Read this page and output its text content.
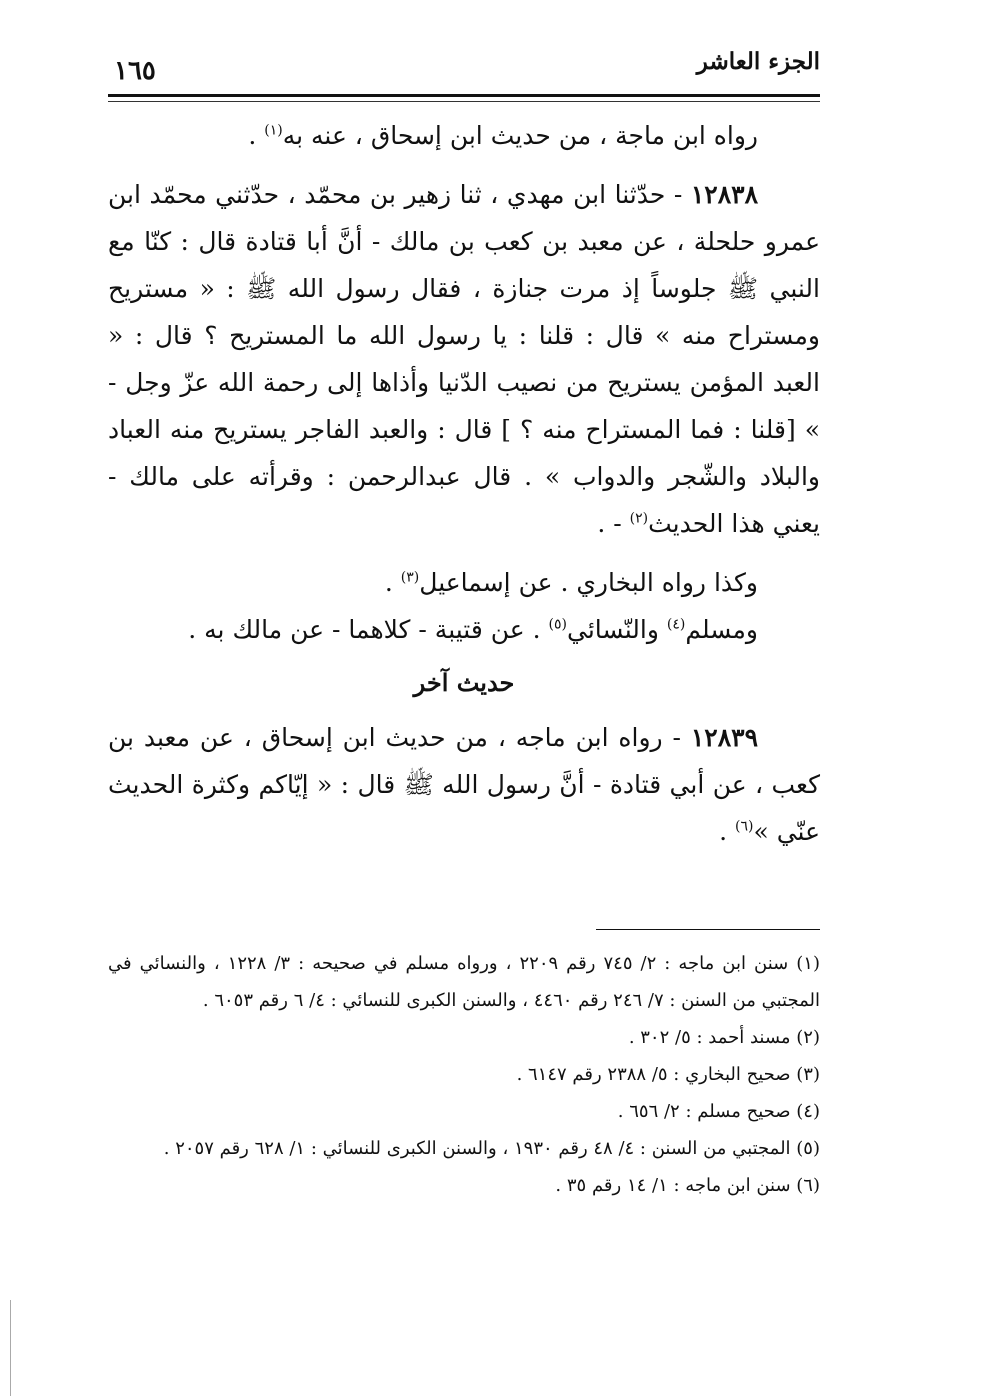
الجزء العاشر
١٦٥

رواه ابن ماجة ، من حديث ابن إسحاق ، عنه به$^{(١)}$ .

١٢٨٣٨ - حدّثنا ابن مهدي ، ثنا زهير بن محمّد ، حدّثني محمّد ابن عمرو حلحلة ، عن معبد بن كعب بن مالك - أنَّ أبا قتادة قال : كنّا مع النبي ﷺ جلوساً إذ مرت جنازة ، فقال رسول الله ﷺ : « مستريح ومستراح منه » قال : قلنا : يا رسول الله ما المستريح ؟ قال : « العبد المؤمن يستريح من نصيب الدّنيا وأذاها إلى رحمة الله عزّ وجل - » [قلنا : فما المستراح منه ؟ ] قال : والعبد الفاجر يستريح منه العباد والبلاد والشّجر والدواب » . قال عبدالرحمن : وقرأته على مالك - يعني هذا الحديث$^{(٢)}$ - .

وكذا رواه البخاري . عن إسماعيل$^{(٣)}$ .

ومسلم$^{(٤)}$ والنّسائي$^{(٥)}$ . عن قتيبة - كلاهما - عن مالك به .

حديث آخر

١٢٨٣٩ - رواه ابن ماجه ، من حديث ابن إسحاق ، عن معبد بن كعب ، عن أبي قتادة - أنَّ رسول الله ﷺ قال : « إيّاكم وكثرة الحديث عنّي »$^{(٦)}$ .

(١) سنن ابن ماجه : ٢/ ٧٤٥ رقم ٢٢٠٩ ، ورواه مسلم في صحيحه : ٣/ ١٢٢٨ ، والنسائي في المجتبي من السنن : ٧/ ٢٤٦ رقم ٤٤٦٠ ، والسنن الكبرى للنسائي : ٤/ ٦ رقم ٦٠٥٣ .

(٢) مسند أحمد : ٥/ ٣٠٢ .

(٣) صحيح البخاري : ٥/ ٢٣٨٨ رقم ٦١٤٧ .

(٤) صحيح مسلم : ٢/ ٦٥٦ .

(٥) المجتبي من السنن : ٤/ ٤٨ رقم ١٩٣٠ ، والسنن الكبرى للنسائي : ١/ ٦٢٨ رقم ٢٠٥٧ .

(٦) سنن ابن ماجه : ١/ ١٤ رقم ٣٥ .
